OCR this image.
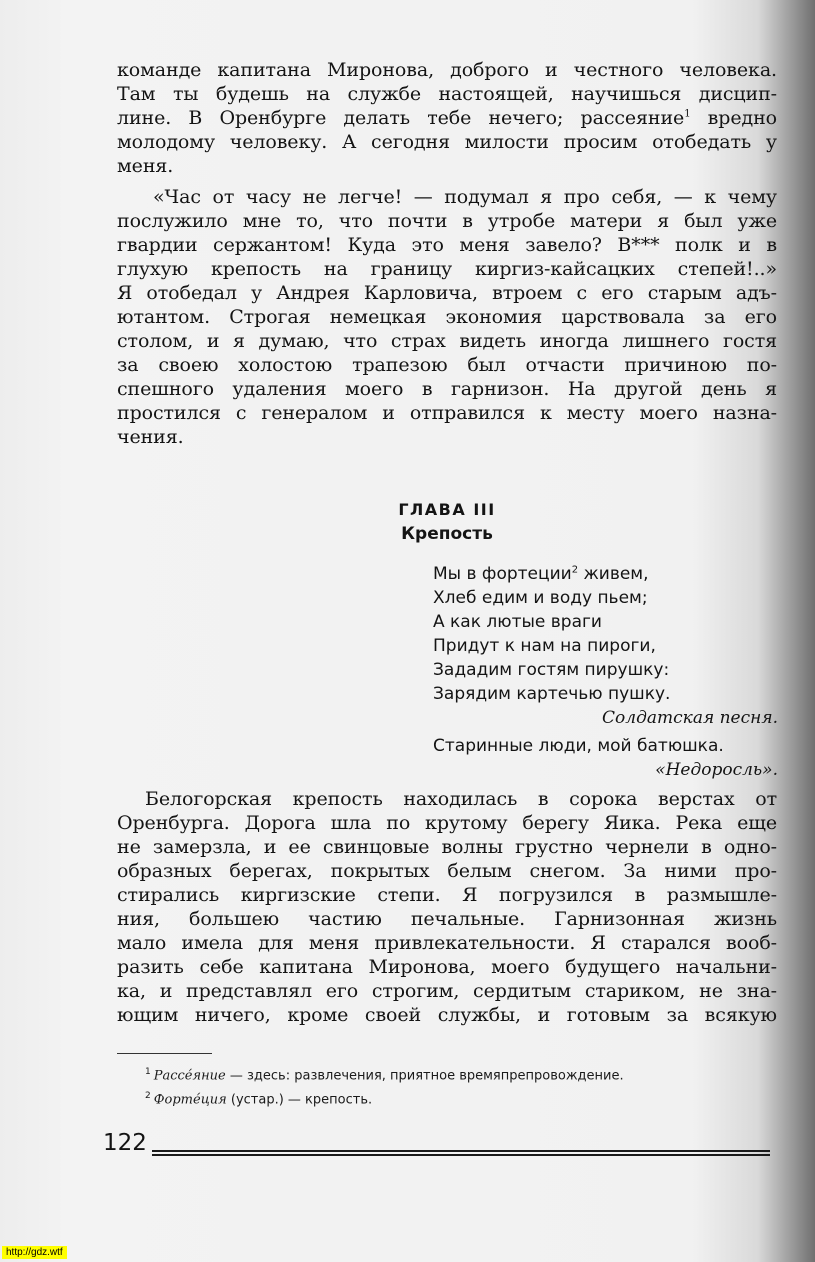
команде капитана Миронова, доброго и честного человека.
Там ты будешь на службе настоящей, научишься дисцип-
лине. В Оренбурге делать тебе нечего; рассеяние$^1$ вредно
молодому человеку. А сегодня милости просим отобедать у
меня.

«Час от часу не легче! — подумал я про себя, — к чему
послужило мне то, что почти в утробе матери я был уже
гвардии сержантом! Куда это меня завело? В*** полк и в
глухую крепость на границу киргиз-кайсацких степей!..»
Я отобедал у Андрея Карловича, втроем с его старым адъ-
ютантом. Строгая немецкая экономия царствовала за его
столом, и я думаю, что страх видеть иногда лишнего гостя
за своею холостою трапезою был отчасти причиною по-
спешного удаления моего в гарнизон. На другой день я
простился с генералом и отправился к месту моего назна-
чения.

ГЛАВА III
Крепость
Мы в фортеции$^2$ живем,
Хлеб едим и воду пьем;
А как лютые враги
Придут к нам на пироги,
Зададим гостям пирушку:
Зарядим картечью пушку.
Солдатская песня.
Старинные люди, мой батюшка.
«Недоросль».

Белогорская крепость находилась в сорока верстах от
Оренбурга. Дорога шла по крутому берегу Яика. Река еще
не замерзла, и ее свинцовые волны грустно чернели в одно-
образных берегах, покрытых белым снегом. За ними про-
стирались киргизские степи. Я погрузился в размышле-
ния, большею частию печальные. Гарнизонная жизнь
мало имела для меня привлекательности. Я старался вооб-
разить себе капитана Миронова, моего будущего начальни-
ка, и представлял его строгим, сердитым стариком, не зна-
ющим ничего, кроме своей службы, и готовым за всякую

$^1$ Рассéяние — здесь: развлечения, приятное времяпрепровождение.
$^2$ Фортéция (устар.) — крепость.
122
http://gdz.wtf
